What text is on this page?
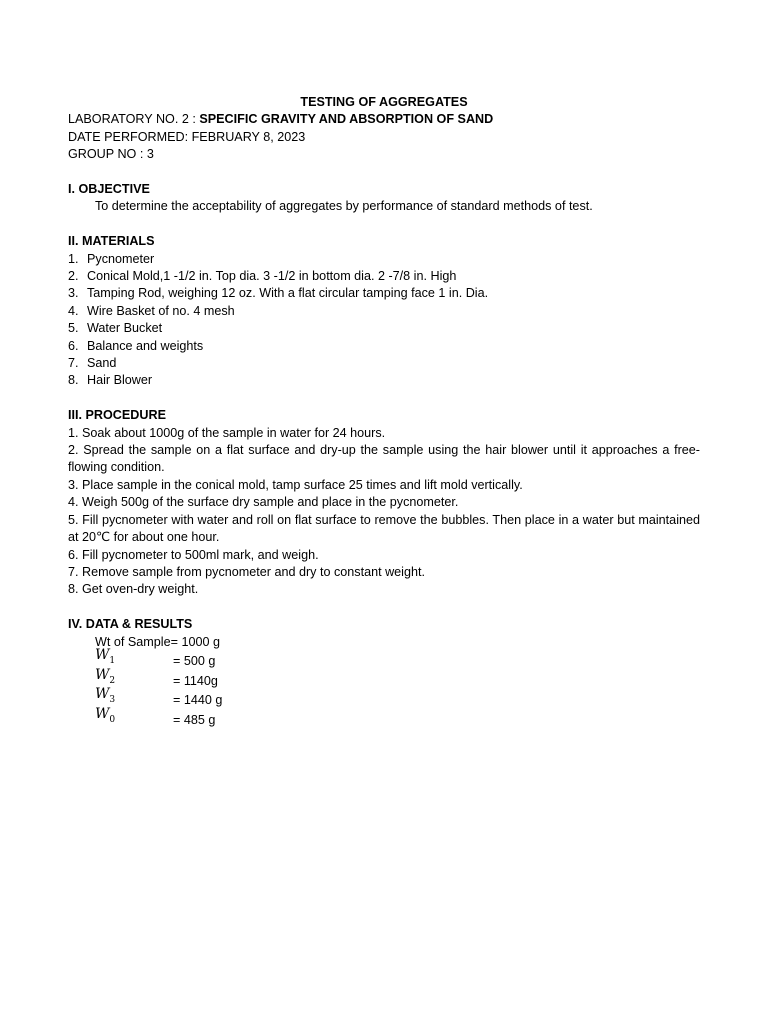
TESTING OF AGGREGATES

LABORATORY NO. 2 : SPECIFIC GRAVITY AND ABSORPTION OF SAND

DATE PERFORMED: FEBRUARY 8, 2023

GROUP NO : 3

I. OBJECTIVE

To determine the acceptability of aggregates by performance of standard methods of test.

II. MATERIALS

1. Pycnometer
2. Conical Mold,1 -1/2 in. Top dia. 3 -1/2 in bottom dia. 2 -7/8 in. High
3. Tamping Rod, weighing 12 oz. With a flat circular tamping face 1 in. Dia.
4. Wire Basket of no. 4 mesh
5. Water Bucket
6. Balance and weights
7. Sand
8. Hair Blower

III. PROCEDURE

1. Soak about 1000g of the sample in water for 24 hours.

2. Spread the sample on a flat surface and dry-up the sample using the hair blower until it approaches a free-flowing condition.

3. Place sample in the conical mold, tamp surface 25 times and lift mold vertically.

4. Weigh 500g of the surface dry sample and place in the pycnometer.

5. Fill pycnometer with water and roll on flat surface to remove the bubbles. Then place in a water but maintained at 20℃ for about one hour.

6. Fill pycnometer to 500ml mark, and weigh.

7. Remove sample from pycnometer and dry to constant weight.

8. Get oven-dry weight.

IV. DATA & RESULTS

Wt of Sample = 1000 g
$W_1$	= 500 g
$W_2$	= 1140g
$W_3$	= 1440 g
$W_0$	= 485 g
